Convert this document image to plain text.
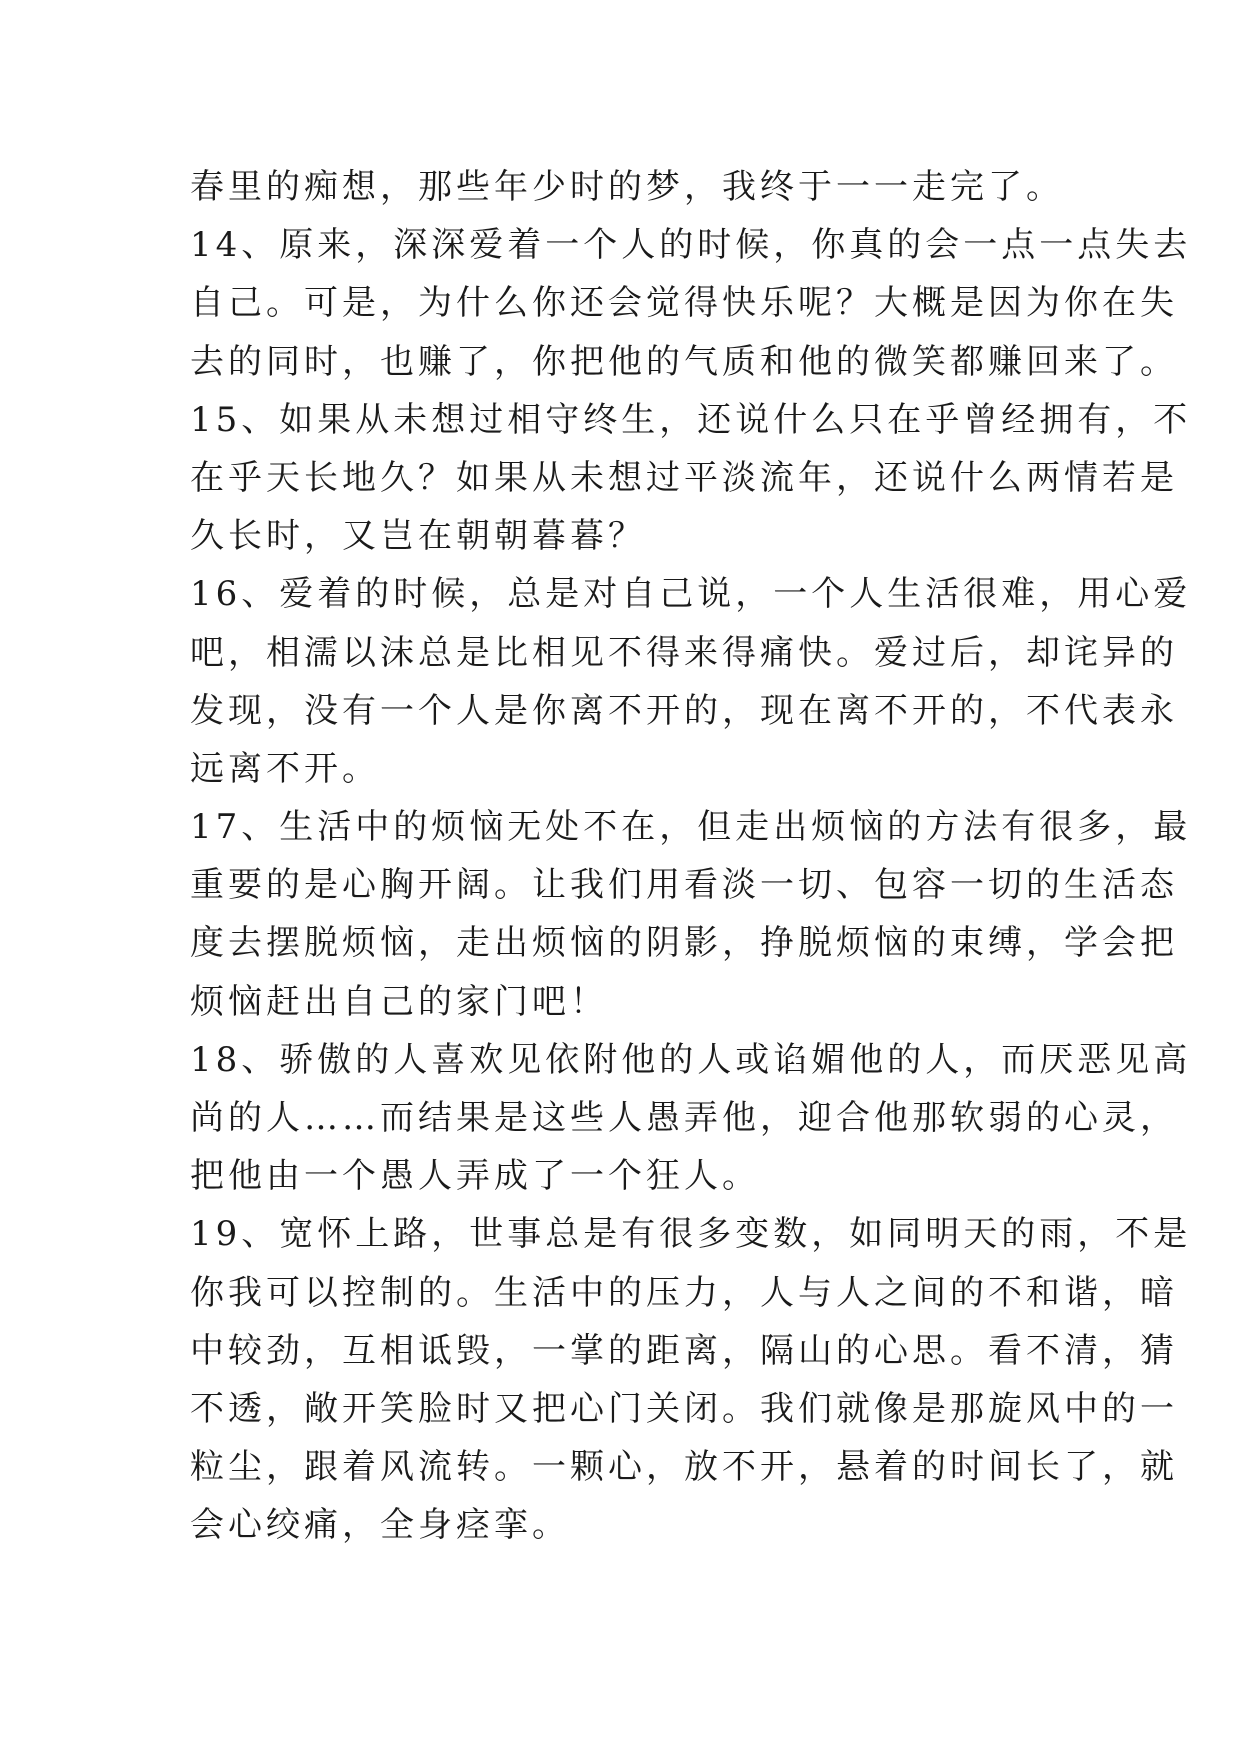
春里的痴想，那些年少时的梦，我终于一一走完了。
14、原来，深深爱着一个人的时候，你真的会一点一点失去
自己。可是，为什么你还会觉得快乐呢？大概是因为你在失
去的同时，也赚了，你把他的气质和他的微笑都赚回来了。
15、如果从未想过相守终生，还说什么只在乎曾经拥有，不
在乎天长地久？如果从未想过平淡流年，还说什么两情若是
久长时，又岂在朝朝暮暮？
16、爱着的时候，总是对自己说，一个人生活很难，用心爱
吧，相濡以沫总是比相见不得来得痛快。爱过后，却诧异的
发现，没有一个人是你离不开的，现在离不开的，不代表永
远离不开。
17、生活中的烦恼无处不在，但走出烦恼的方法有很多，最
重要的是心胸开阔。让我们用看淡一切、包容一切的生活态
度去摆脱烦恼，走出烦恼的阴影，挣脱烦恼的束缚，学会把
烦恼赶出自己的家门吧！
18、骄傲的人喜欢见依附他的人或谄媚他的人，而厌恶见高
尚的人……而结果是这些人愚弄他，迎合他那软弱的心灵，
把他由一个愚人弄成了一个狂人。
19、宽怀上路，世事总是有很多变数，如同明天的雨，不是
你我可以控制的。生活中的压力，人与人之间的不和谐，暗
中较劲，互相诋毁，一掌的距离，隔山的心思。看不清，猜
不透，敞开笑脸时又把心门关闭。我们就像是那旋风中的一
粒尘，跟着风流转。一颗心，放不开，悬着的时间长了，就
会心绞痛，全身痉挛。
